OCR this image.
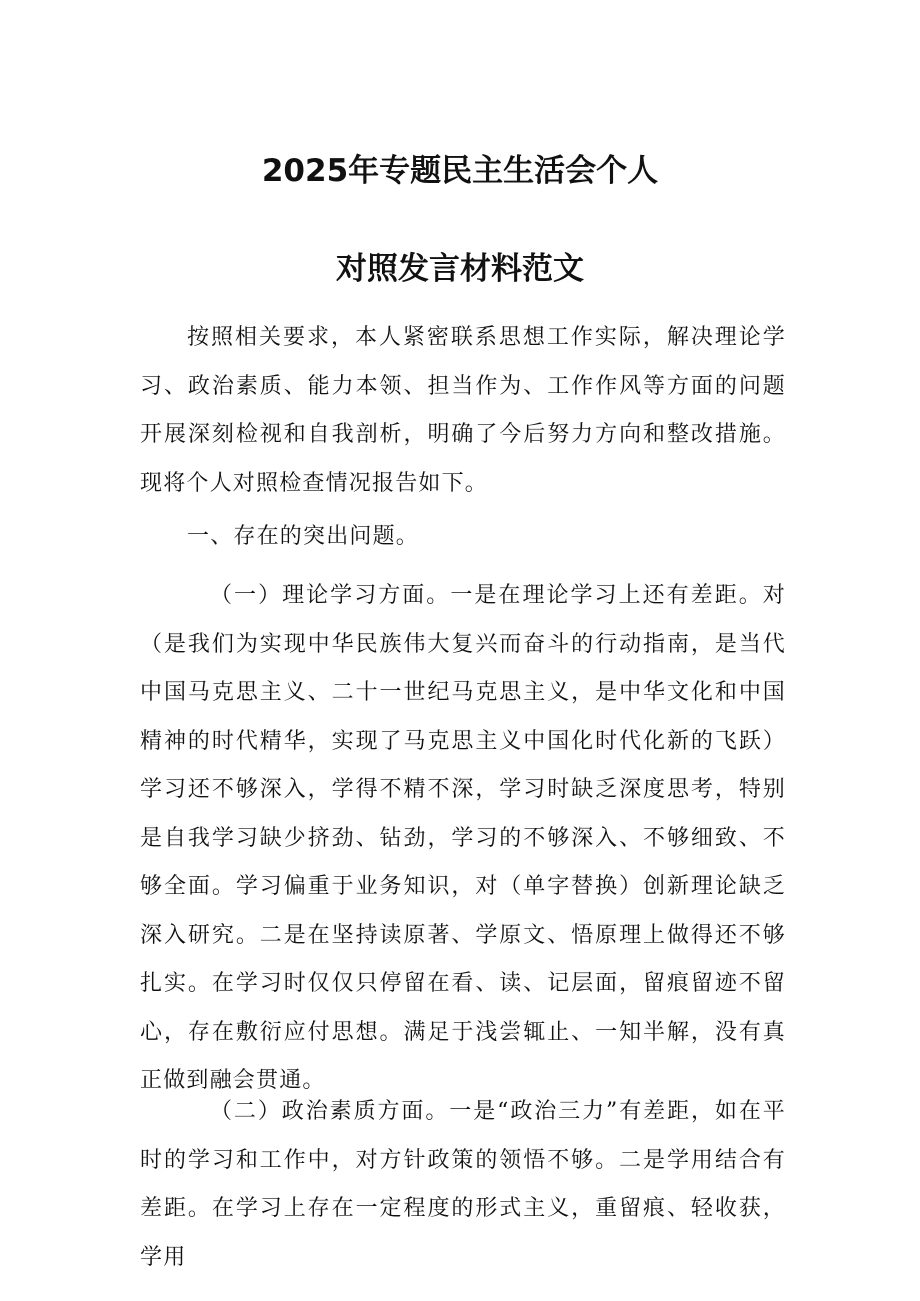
2025年专题民主生活会个人
对照发言材料范文

按照相关要求，本人紧密联系思想工作实际，解决理论学习、政治素质、能力本领、担当作为、工作作风等方面的问题开展深刻检视和自我剖析，明确了今后努力方向和整改措施。现将个人对照检查情况报告如下。

一、存在的突出问题。

（一）理论学习方面。一是在理论学习上还有差距。对（是我们为实现中华民族伟大复兴而奋斗的行动指南，是当代中国马克思主义、二十一世纪马克思主义，是中华文化和中国精神的时代精华，实现了马克思主义中国化时代化新的飞跃）学习还不够深入，学得不精不深，学习时缺乏深度思考，特别是自我学习缺少挤劲、钻劲，学习的不够深入、不够细致、不够全面。学习偏重于业务知识，对（单字替换）创新理论缺乏深入研究。二是在坚持读原著、学原文、悟原理上做得还不够扎实。在学习时仅仅只停留在看、读、记层面，留痕留迹不留心，存在敷衍应付思想。满足于浅尝辄止、一知半解，没有真正做到融会贯通。

（二）政治素质方面。一是“政治三力”有差距，如在平时的学习和工作中，对方针政策的领悟不够。二是学用结合有差距。在学习上存在一定程度的形式主义，重留痕、轻收获，学用
